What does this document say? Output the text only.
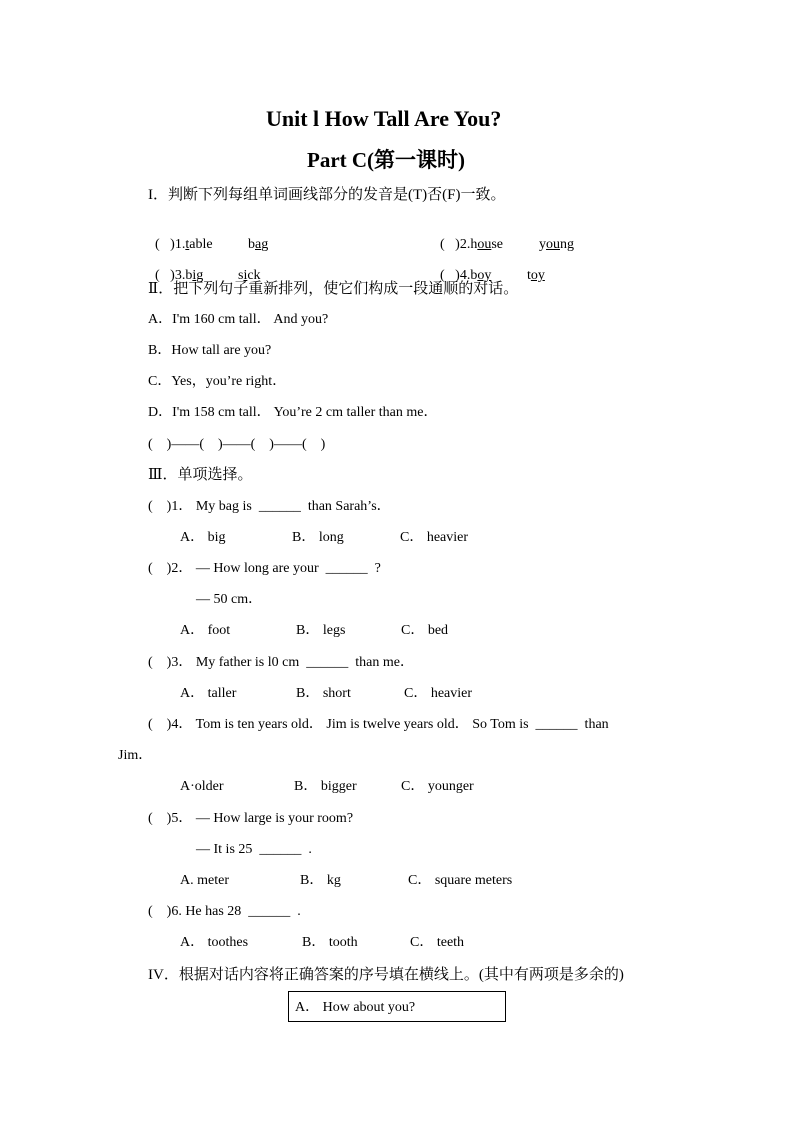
Unit l How Tall Are You?
Part C(第一课时)
I．判断下列每组单词画线部分的发音是(T)否(F)一致。

( )1.table	bag	( )2.house	young

( )3.big	sick	( )4.boy	toy

Ⅱ．把下列句子重新排列，使它们构成一段通顺的对话。
A．I'm 160 cm tall． And you?
B．How tall are you?
C．Yes，you’re right．
D．I'm 158 cm tall． You’re 2 cm taller than me．
(    )——(    )——(    )——(    )
Ⅲ．单项选择。
(    )1． My bag is  ______  than Sarah’s．
A． big	B． long	C． heavier
(    )2． — How long are your  ______  ?
— 50 cm．
A． foot	B． legs	C． bed
(    )3． My father is l0 cm  ______  than me．
A． taller	B． short	C． heavier
(    )4． Tom is ten years old． Jim is twelve years old． So Tom is  ______  than
Jim．
A·older	B． bigger	C． younger
(    )5． — How large is your room?
— It is 25  ______  .
A. meter	B． kg	C． square meters
(    )6. He has 28  ______  .
A． toothes	B． tooth	C． teeth
IV．根据对话内容将正确答案的序号填在横线上。(其中有两项是多余的)
A． How about you?
